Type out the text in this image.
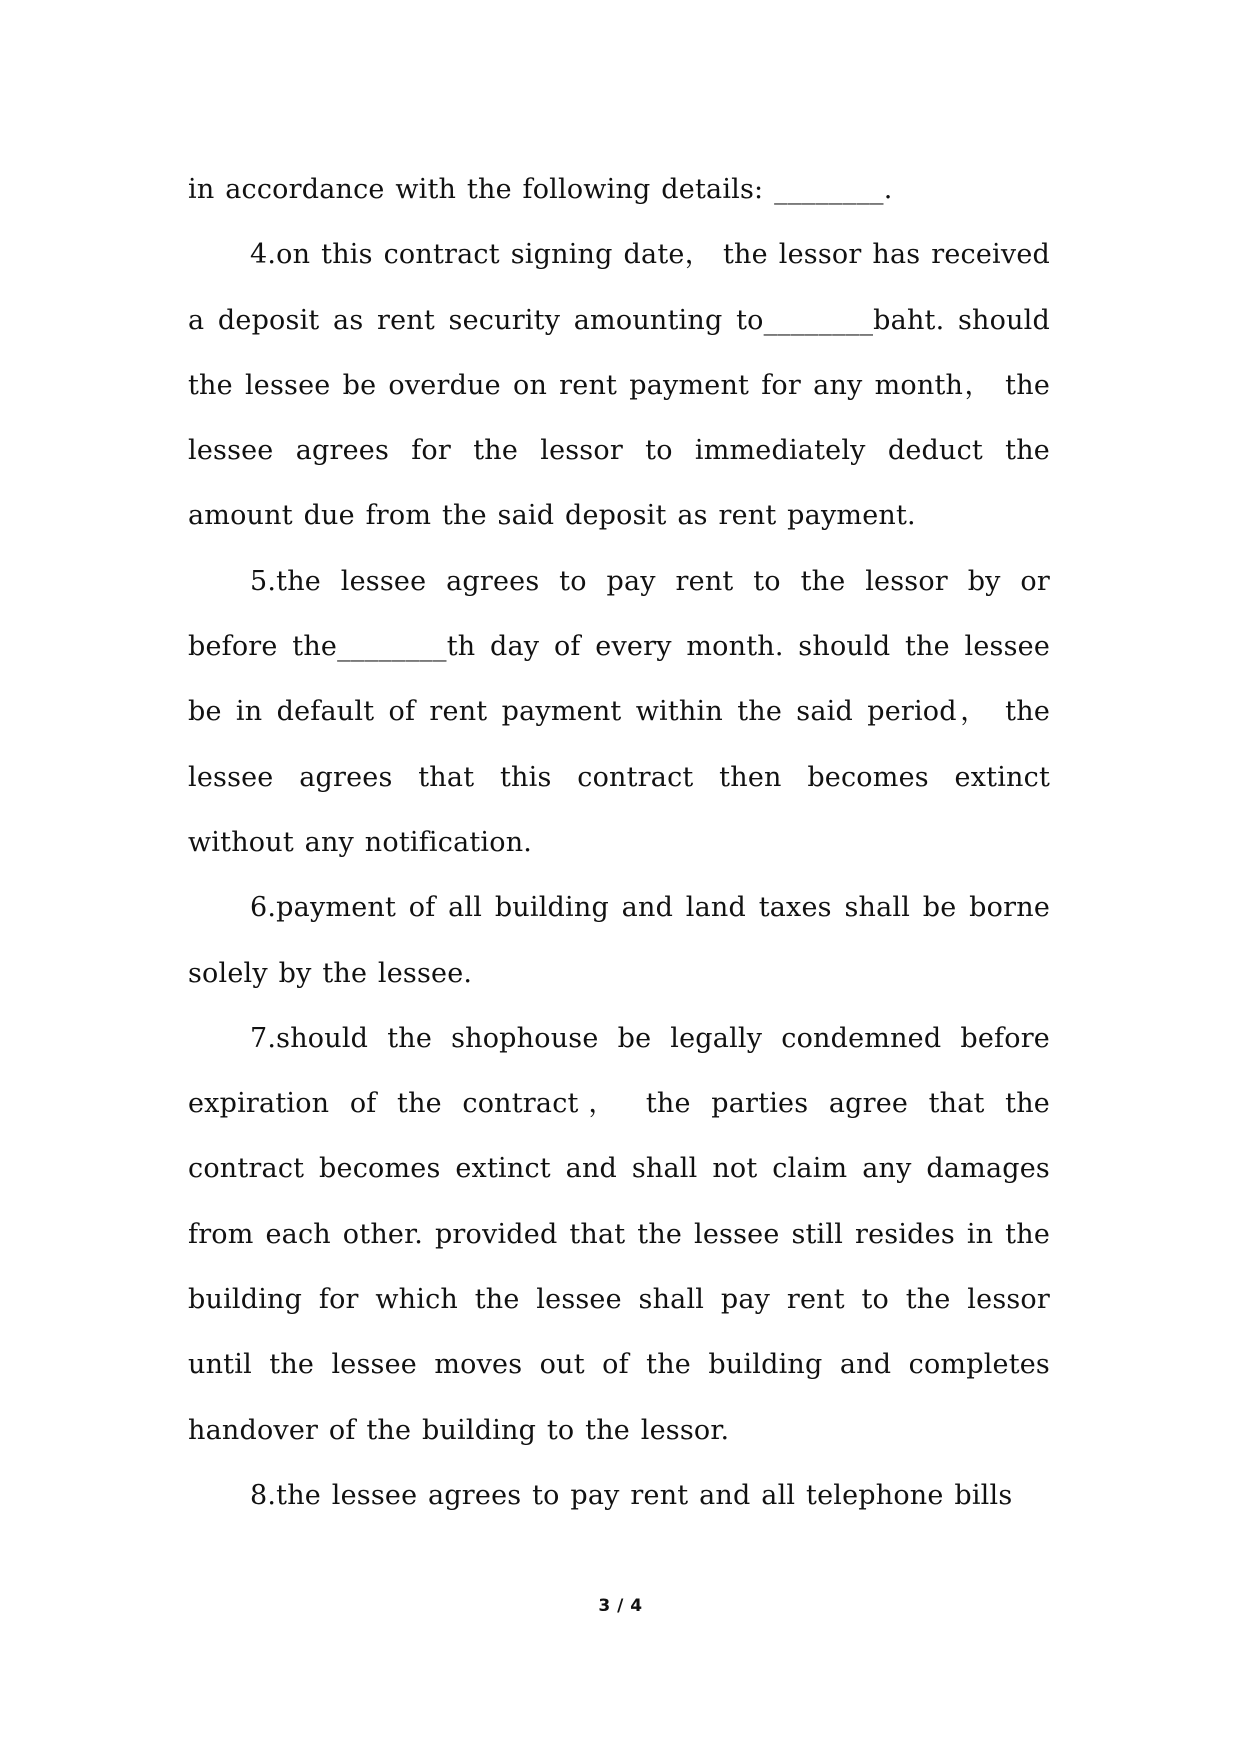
in accordance with the following details: ________.

4.on this contract signing date， the lessor has received a deposit as rent security amounting to________baht. should the lessee be overdue on rent payment for any month， the lessee agrees for the lessor to immediately deduct the amount due from the said deposit as rent payment.

5.the lessee agrees to pay rent to the lessor by or before the________th day of every month. should the lessee be in default of rent payment within the said period， the lessee agrees that this contract then becomes extinct without any notification.

6.payment of all building and land taxes shall be borne solely by the lessee.

7.should the shophouse be legally condemned before expiration of the contract， the parties agree that the contract becomes extinct and shall not claim any damages from each other. provided that the lessee still resides in the building for which the lessee shall pay rent to the lessor until the lessee moves out of the building and completes handover of the building to the lessor.

8.the lessee agrees to pay rent and all telephone bills

3 / 4
